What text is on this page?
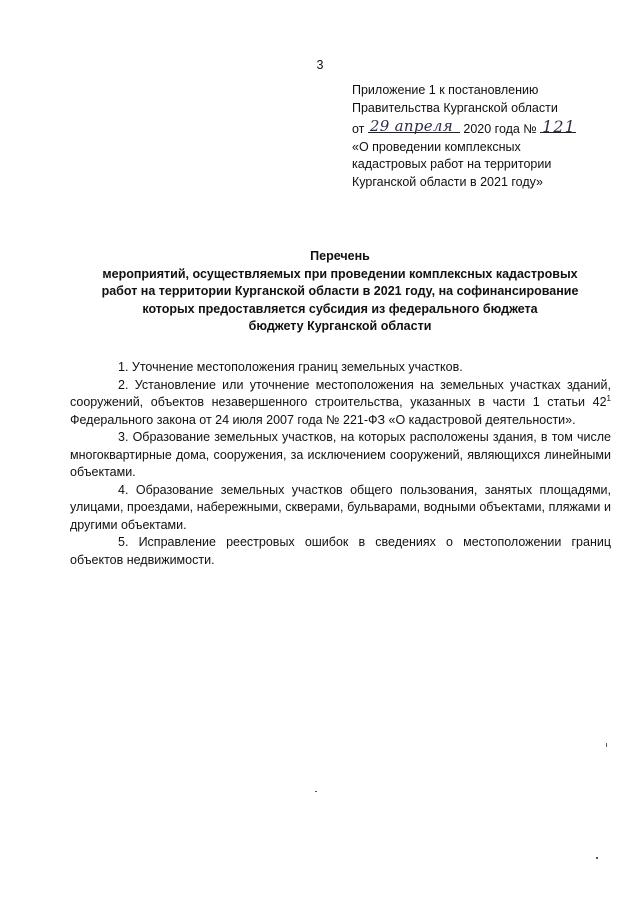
3
Приложение 1 к постановлению
Правительства Курганской области
от 29 апреля 2020 года № 121
«О проведении комплексных
кадастровых работ на территории
Курганской области в 2021 году»
Перечень
мероприятий, осуществляемых при проведении комплексных кадастровых
работ на территории Курганской области в 2021 году, на софинансирование
которых предоставляется субсидия из федерального бюджета
бюджету Курганской области

1. Уточнение местоположения границ земельных участков.

2. Установление или уточнение местоположения на земельных участках зданий, сооружений, объектов незавершенного строительства, указанных в части 1 статьи $42^1$ Федерального закона от 24 июля 2007 года № 221-ФЗ «О кадастровой деятельности».

3. Образование земельных участков, на которых расположены здания, в том числе многоквартирные дома, сооружения, за исключением сооружений, являющихся линейными объектами.

4. Образование земельных участков общего пользования, занятых площадями, улицами, проездами, набережными, скверами, бульварами, водными объектами, пляжами и другими объектами.

5. Исправление реестровых ошибок в сведениях о местоположении границ объектов недвижимости.
